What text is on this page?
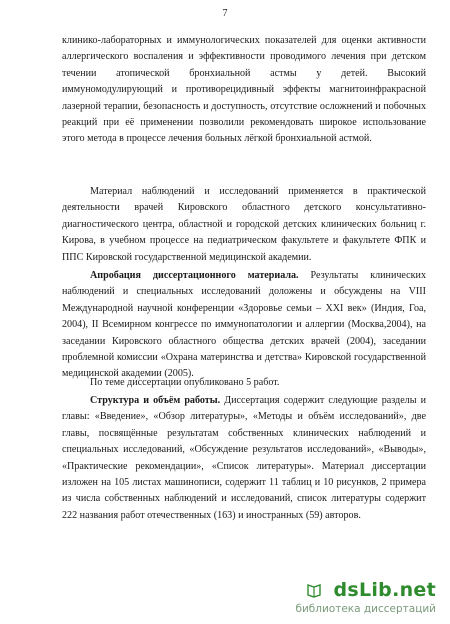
7

клинико-лабораторных и иммунологических показателей для оценки активности аллергического воспаления и эффективности проводимого лечения при детском течении атопической бронхиальной астмы у детей. Высокий иммуномодулирующий и противорецидивный эффекты магнитоинфракрасной лазерной терапии, безопасность и доступность, отсутствие осложнений и побочных реакций при её применении позволили рекомендовать широкое использование этого метода в процессе лечения больных лёгкой бронхиальной астмой.

Материал наблюдений и исследований применяется в практической деятельности врачей Кировского областного детского консультативно-диагностического центра, областной и городской детских клинических больниц г. Кирова, в учебном процессе на педиатрическом факультете и факультете ФПК и ППС Кировской государственной медицинской академии.

Апробация диссертационного материала. Результаты клинических наблюдений и специальных исследований доложены и обсуждены на VIII Международной научной конференции «Здоровье семьи – XXI век» (Индия, Гоа, 2004), II Всемирном конгрессе по иммунопатологии и аллергии (Москва,2004), на заседании Кировского областного общества детских врачей (2004), заседании проблемной комиссии «Охрана материнства и детства» Кировской государственной медицинской академии (2005).

По теме диссертации опубликовано 5 работ.

Структура и объём работы. Диссертация содержит следующие разделы и главы: «Введение», «Обзор литературы», «Методы и объём исследований», две главы, посвящённые результатам собственных клинических наблюдений и специальных исследований, «Обсуждение результатов исследований», «Выводы», «Практические рекомендации», «Список литературы». Материал диссертации изложен на 105 листах машинописи, содержит 11 таблиц и 10 рисунков, 2 примера из числа собственных наблюдений и исследований, список литературы содержит 222 названия работ отечественных (163) и иностранных (59) авторов.

dsLib.net
библиотека диссертаций
